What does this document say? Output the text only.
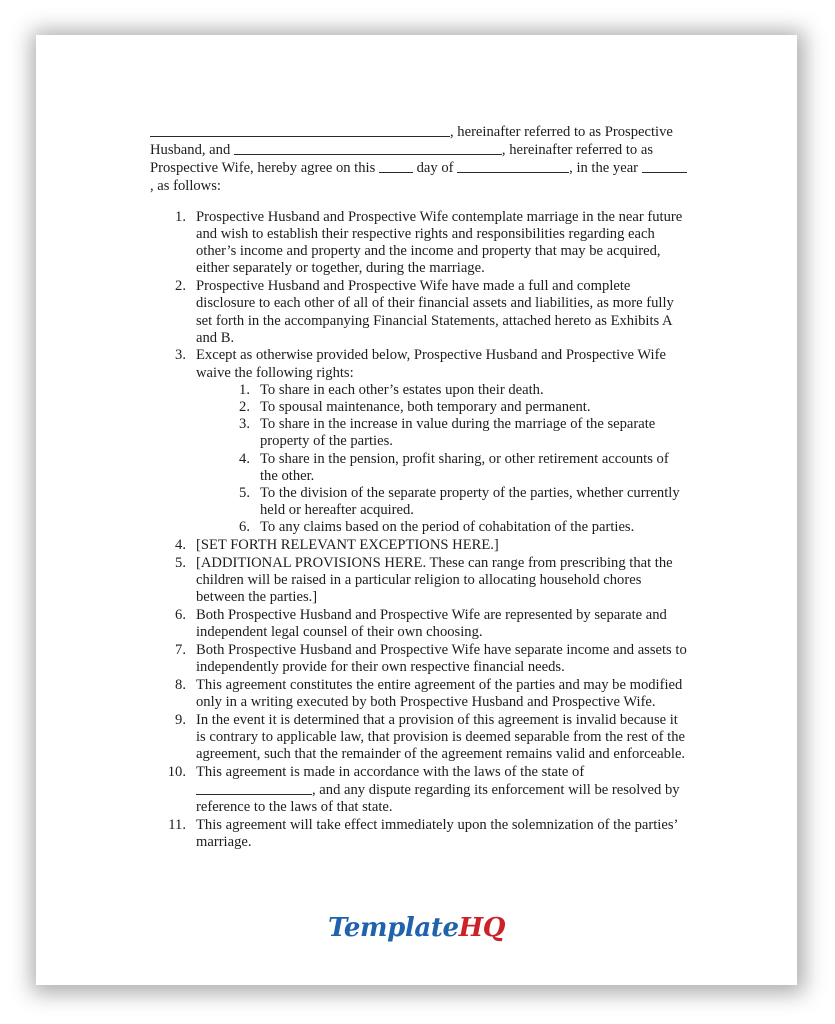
, hereinafter referred to as Prospective Husband, and	, hereinafter referred to as Prospective Wife, hereby agree on this	day of	, in the year , as follows:

1. Prospective Husband and Prospective Wife contemplate marriage in the near future and wish to establish their respective rights and responsibilities regarding each other’s income and property and the income and property that may be acquired, either separately or together, during the marriage.
2. Prospective Husband and Prospective Wife have made a full and complete disclosure to each other of all of their financial assets and liabilities, as more fully set forth in the accompanying Financial Statements, attached hereto as Exhibits A and B.
3. Except as otherwise provided below, Prospective Husband and Prospective Wife waive the following rights:
1. To share in each other’s estates upon their death.
2. To spousal maintenance, both temporary and permanent.
3. To share in the increase in value during the marriage of the separate property of the parties.
4. To share in the pension, profit sharing, or other retirement accounts of the other.
5. To the division of the separate property of the parties, whether currently held or hereafter acquired.
6. To any claims based on the period of cohabitation of the parties.
4. [SET FORTH RELEVANT EXCEPTIONS HERE.]
5. [ADDITIONAL PROVISIONS HERE. These can range from prescribing that the children will be raised in a particular religion to allocating household chores between the parties.]
6. Both Prospective Husband and Prospective Wife are represented by separate and independent legal counsel of their own choosing.
7. Both Prospective Husband and Prospective Wife have separate income and assets to independently provide for their own respective financial needs.
8. This agreement constitutes the entire agreement of the parties and may be modified only in a writing executed by both Prospective Husband and Prospective Wife.
9. In the event it is determined that a provision of this agreement is invalid because it is contrary to applicable law, that provision is deemed separable from the rest of the agreement, such that the remainder of the agreement remains valid and enforceable.
10. This agreement is made in accordance with the laws of the state of , and any dispute regarding its enforcement will be resolved by reference to the laws of that state.
11. This agreement will take effect immediately upon the solemnization of the parties’ marriage.
TemplateHQ
